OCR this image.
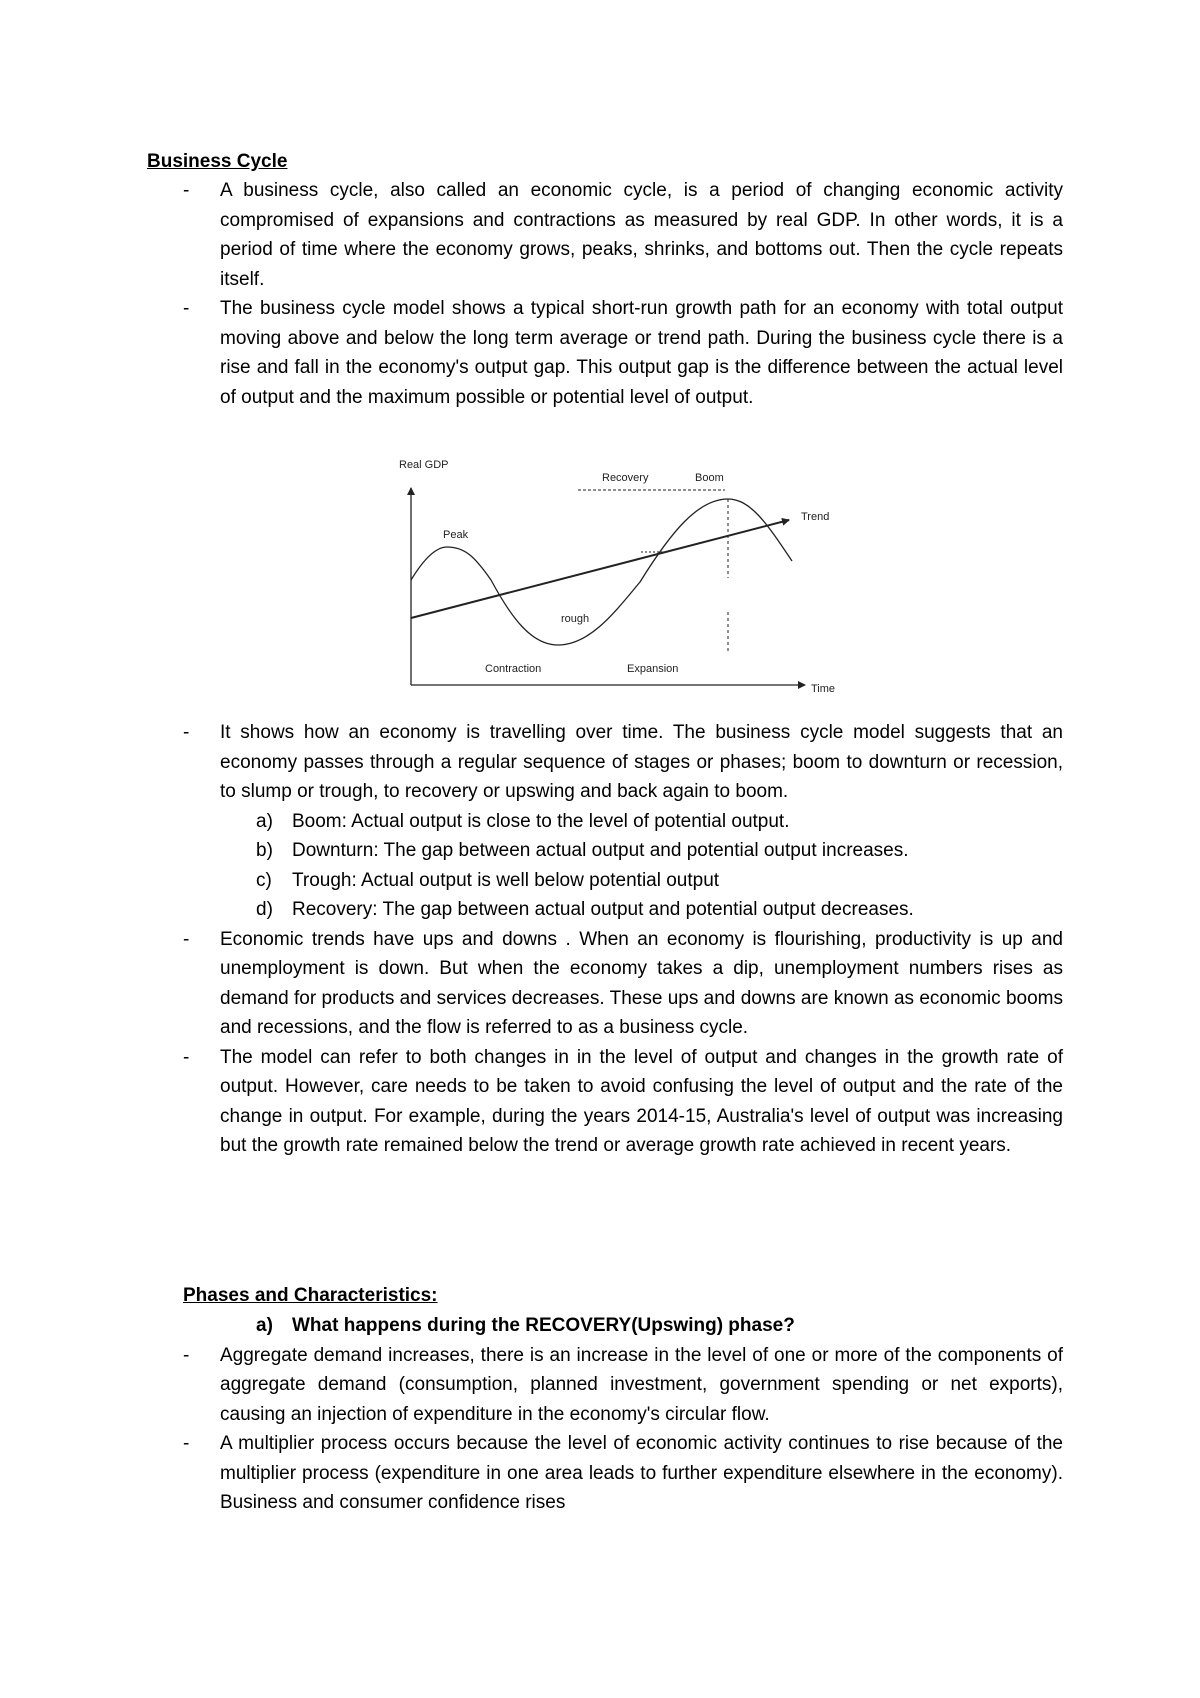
Business Cycle
- A business cycle, also called an economic cycle, is a period of changing economic activity compromised of expansions and contractions as measured by real GDP. In other words, it is a period of time where the economy grows, peaks, shrinks, and bottoms out. Then the cycle repeats itself.
- The business cycle model shows a typical short-run growth path for an economy with total output moving above and below the long term average or trend path. During the business cycle there is a rise and fall in the economy's output gap. This output gap is the difference between the actual level of output and the maximum possible or potential level of output.
Real GDP
Time
Trend
Peak
rough
Recovery	Boom
Contraction	Expansion
- It shows how an economy is travelling over time. The business cycle model suggests that an economy passes through a regular sequence of stages or phases; boom to downturn or recession, to slump or trough, to recovery or upswing and back again to boom.
a) Boom: Actual output is close to the level of potential output.
b) Downturn: The gap between actual output and potential output increases.
c) Trough: Actual output is well below potential output
d) Recovery: The gap between actual output and potential output decreases.
- Economic trends have ups and downs . When an economy is flourishing, productivity is up and unemployment is down. But when the economy takes a dip, unemployment numbers rises as demand for products and services decreases. These ups and downs are known as economic booms and recessions, and the flow is referred to as a business cycle.
- The model can refer to both changes in in the level of output and changes in the growth rate of output. However, care needs to be taken to avoid confusing the level of output and the rate of the change in output. For example, during the years 2014-15, Australia's level of output was increasing but the growth rate remained below the trend or average growth rate achieved in recent years.
Phases and Characteristics:
a) What happens during the RECOVERY(Upswing) phase?
- Aggregate demand increases, there is an increase in the level of one or more of the components of aggregate demand (consumption, planned investment, government spending or net exports), causing an injection of expenditure in the economy's circular flow.
- A multiplier process occurs because the level of economic activity continues to rise because of the multiplier process (expenditure in one area leads to further expenditure elsewhere in the economy). Business and consumer confidence rises
